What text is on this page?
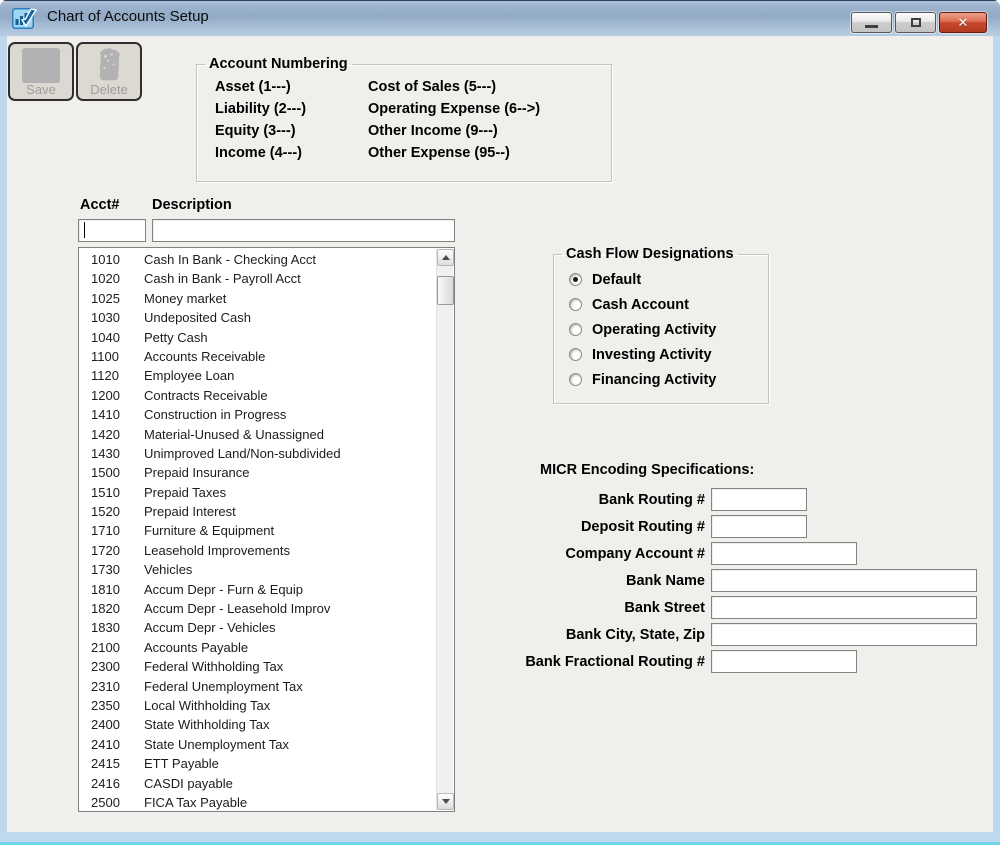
Chart of Accounts Setup	✕
Save	Delete
Account Numbering
Asset (1---)
Liability (2---)
Equity (3---)
Income (4---)
Cost of Sales (5---)
Operating Expense (6-->)
Other Income (9---)
Other Expense (95--)
Acct# Description
1010	Cash In Bank - Checking Acct
1020	Cash in Bank - Payroll Acct
1025	Money market
1030	Undeposited Cash
1040	Petty Cash
1100	Accounts Receivable
1120	Employee Loan
1200	Contracts Receivable
1410	Construction in Progress
1420	Material-Unused & Unassigned
1430	Unimproved Land/Non-subdivided
1500	Prepaid Insurance
1510	Prepaid Taxes
1520	Prepaid Interest
1710	Furniture & Equipment
1720	Leasehold Improvements
1730	Vehicles
1810	Accum Depr - Furn & Equip
1820	Accum Depr - Leasehold Improv
1830	Accum Depr - Vehicles
2100	Accounts Payable
2300	Federal Withholding Tax
2310	Federal Unemployment Tax
2350	Local Withholding Tax
2400	State Withholding Tax
2410	State Unemployment Tax
2415	ETT Payable
2416	CASDI payable
2500	FICA Tax Payable
Cash Flow Designations
Default
Cash Account
Operating Activity
Investing Activity
Financing Activity
MICR Encoding Specifications:
Bank Routing #
Deposit Routing #
Company Account #
Bank Name
Bank Street
Bank City, State, Zip
Bank Fractional Routing #
